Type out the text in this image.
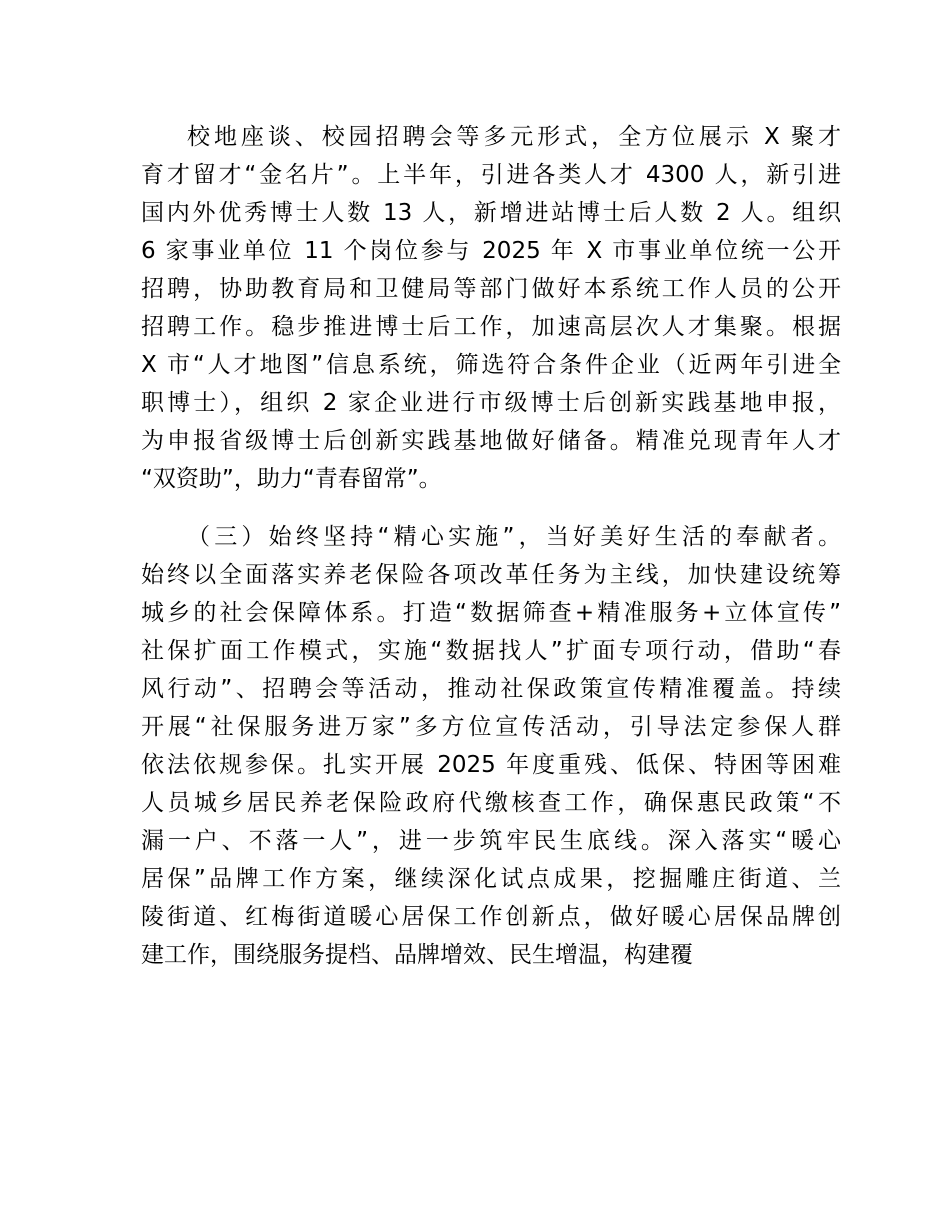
校地座谈、校园招聘会等多元形式，全方位展示 X 聚才
育才留才“金名片”。上半年，引进各类人才 4300 人，新引进
国内外优秀博士人数 13 人，新增进站博士后人数 2 人。组织
6 家事业单位 11 个岗位参与 2025 年 X 市事业单位统一公开
招聘，协助教育局和卫健局等部门做好本系统工作人员的公开
招聘工作。稳步推进博士后工作，加速高层次人才集聚。根据
X 市“人才地图”信息系统，筛选符合条件企业（近两年引进全
职博士），组织 2 家企业进行市级博士后创新实践基地申报，
为申报省级博士后创新实践基地做好储备。精准兑现青年人才
“双资助”，助力“青春留常”。
（三）始终坚持“精心实施”，当好美好生活的奉献者。
始终以全面落实养老保险各项改革任务为主线，加快建设统筹
城乡的社会保障体系。打造“数据筛查+精准服务+立体宣传”
社保扩面工作模式，实施“数据找人”扩面专项行动，借助“春
风行动”、招聘会等活动，推动社保政策宣传精准覆盖。持续
开展“社保服务进万家”多方位宣传活动，引导法定参保人群
依法依规参保。扎实开展 2025 年度重残、低保、特困等困难
人员城乡居民养老保险政府代缴核查工作，确保惠民政策“不
漏一户、不落一人”，进一步筑牢民生底线。深入落实“暖心
居保”品牌工作方案，继续深化试点成果，挖掘雕庄街道、兰
陵街道、红梅街道暖心居保工作创新点，做好暖心居保品牌创
建工作，围绕服务提档、品牌增效、民生增温，构建覆
